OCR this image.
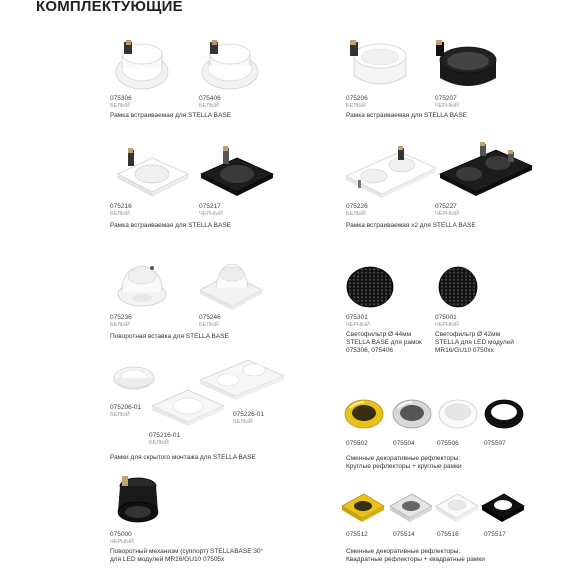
КОМПЛЕКТУЮЩИЕ
075306
БЕЛЫЙ
075406
БЕЛЫЙ
Рамка встраиваемая для STELLA BASE
075206
БЕЛЫЙ
075207
ЧЕРНЫЙ
Рамка встраиваемая для STELLA BASE
075216
БЕЛЫЙ
075217
ЧЕРНЫЙ
Рамка встраиваемая для STELLA BASE
075226
БЕЛЫЙ
075227
ЧЕРНЫЙ
Рамка встраиваемая х2 для STELLA BASE
075236
БЕЛЫЙ
075246
БЕЛЫЙ
Поворотная вставка для STELLA BASE
075301
ЧЕРНЫЙ
Светофильтр Ø 44мм
STELLA BASE для рамок
075306, 075406
075001
ЧЕРНЫЙ
Светофильтр Ø 42мм
STELLA для LED модулей
MR16/GU10 0750xx
075206-01
БЕЛЫЙ
075216-01
БЕЛЫЙ
075226-01
БЕЛЫЙ
Рамки для скрытого монтажа для STELLA BASE
075502	075504	075506	075507
Сменные декоративные рефлекторы:
Круглые рефлекторы + круглые рамки
075000
ЧЕРНЫЙ
Поворотный механизм (суппорт) STELLABASE 30°
для LED модулей MR16/GU10 07505х
075512	075514	075516	075517
Сменные декоративные рефлекторы:
Квадратные рефлекторы + квадратные рамки
